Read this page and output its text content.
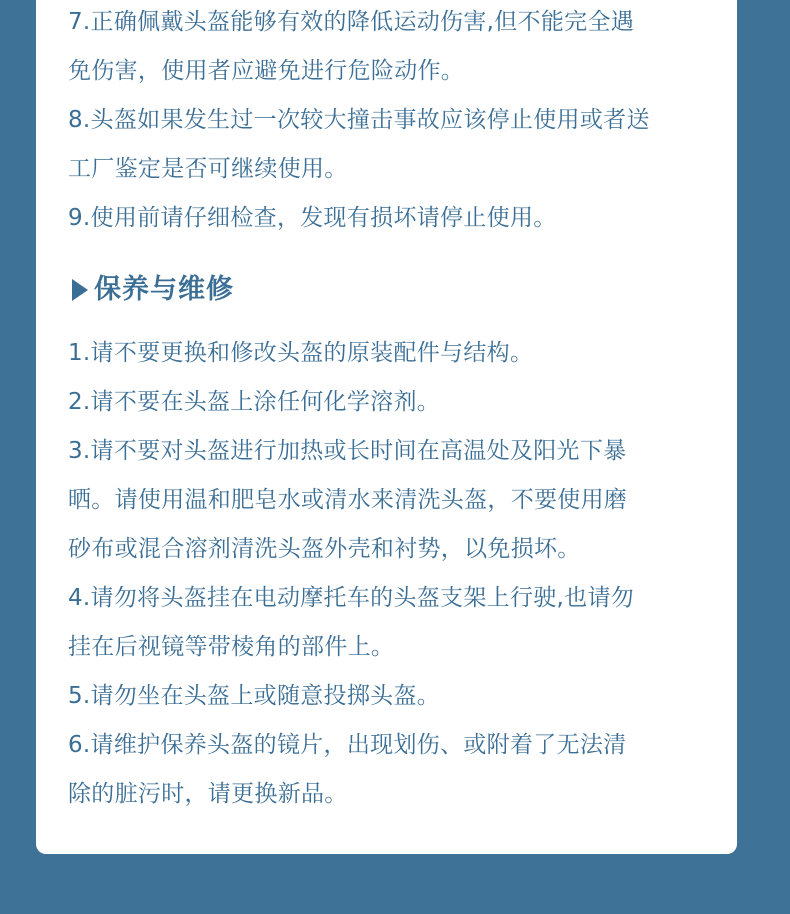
7.正确佩戴头盔能够有效的降低运动伤害,但不能完全遇

免伤害，使用者应避免进行危险动作。

8.头盔如果发生过一次较大撞击事故应该停止使用或者送

工厂鉴定是否可继续使用。

9.使用前请仔细检查，发现有损坏请停止使用。

保养与维修

1.请不要更换和修改头盔的原装配件与结构。

2.请不要在头盔上涂任何化学溶剂。

3.请不要对头盔进行加热或长时间在高温处及阳光下暴

晒。请使用温和肥皂水或清水来清洗头盔，不要使用磨

砂布或混合溶剂清洗头盔外壳和衬势，以免损坏。

4.请勿将头盔挂在电动摩托车的头盔支架上行驶,也请勿

挂在后视镜等带棱角的部件上。

5.请勿坐在头盔上或随意投掷头盔。

6.请维护保养头盔的镜片，出现划伤、或附着了无法清

除的脏污时，请更换新品。
